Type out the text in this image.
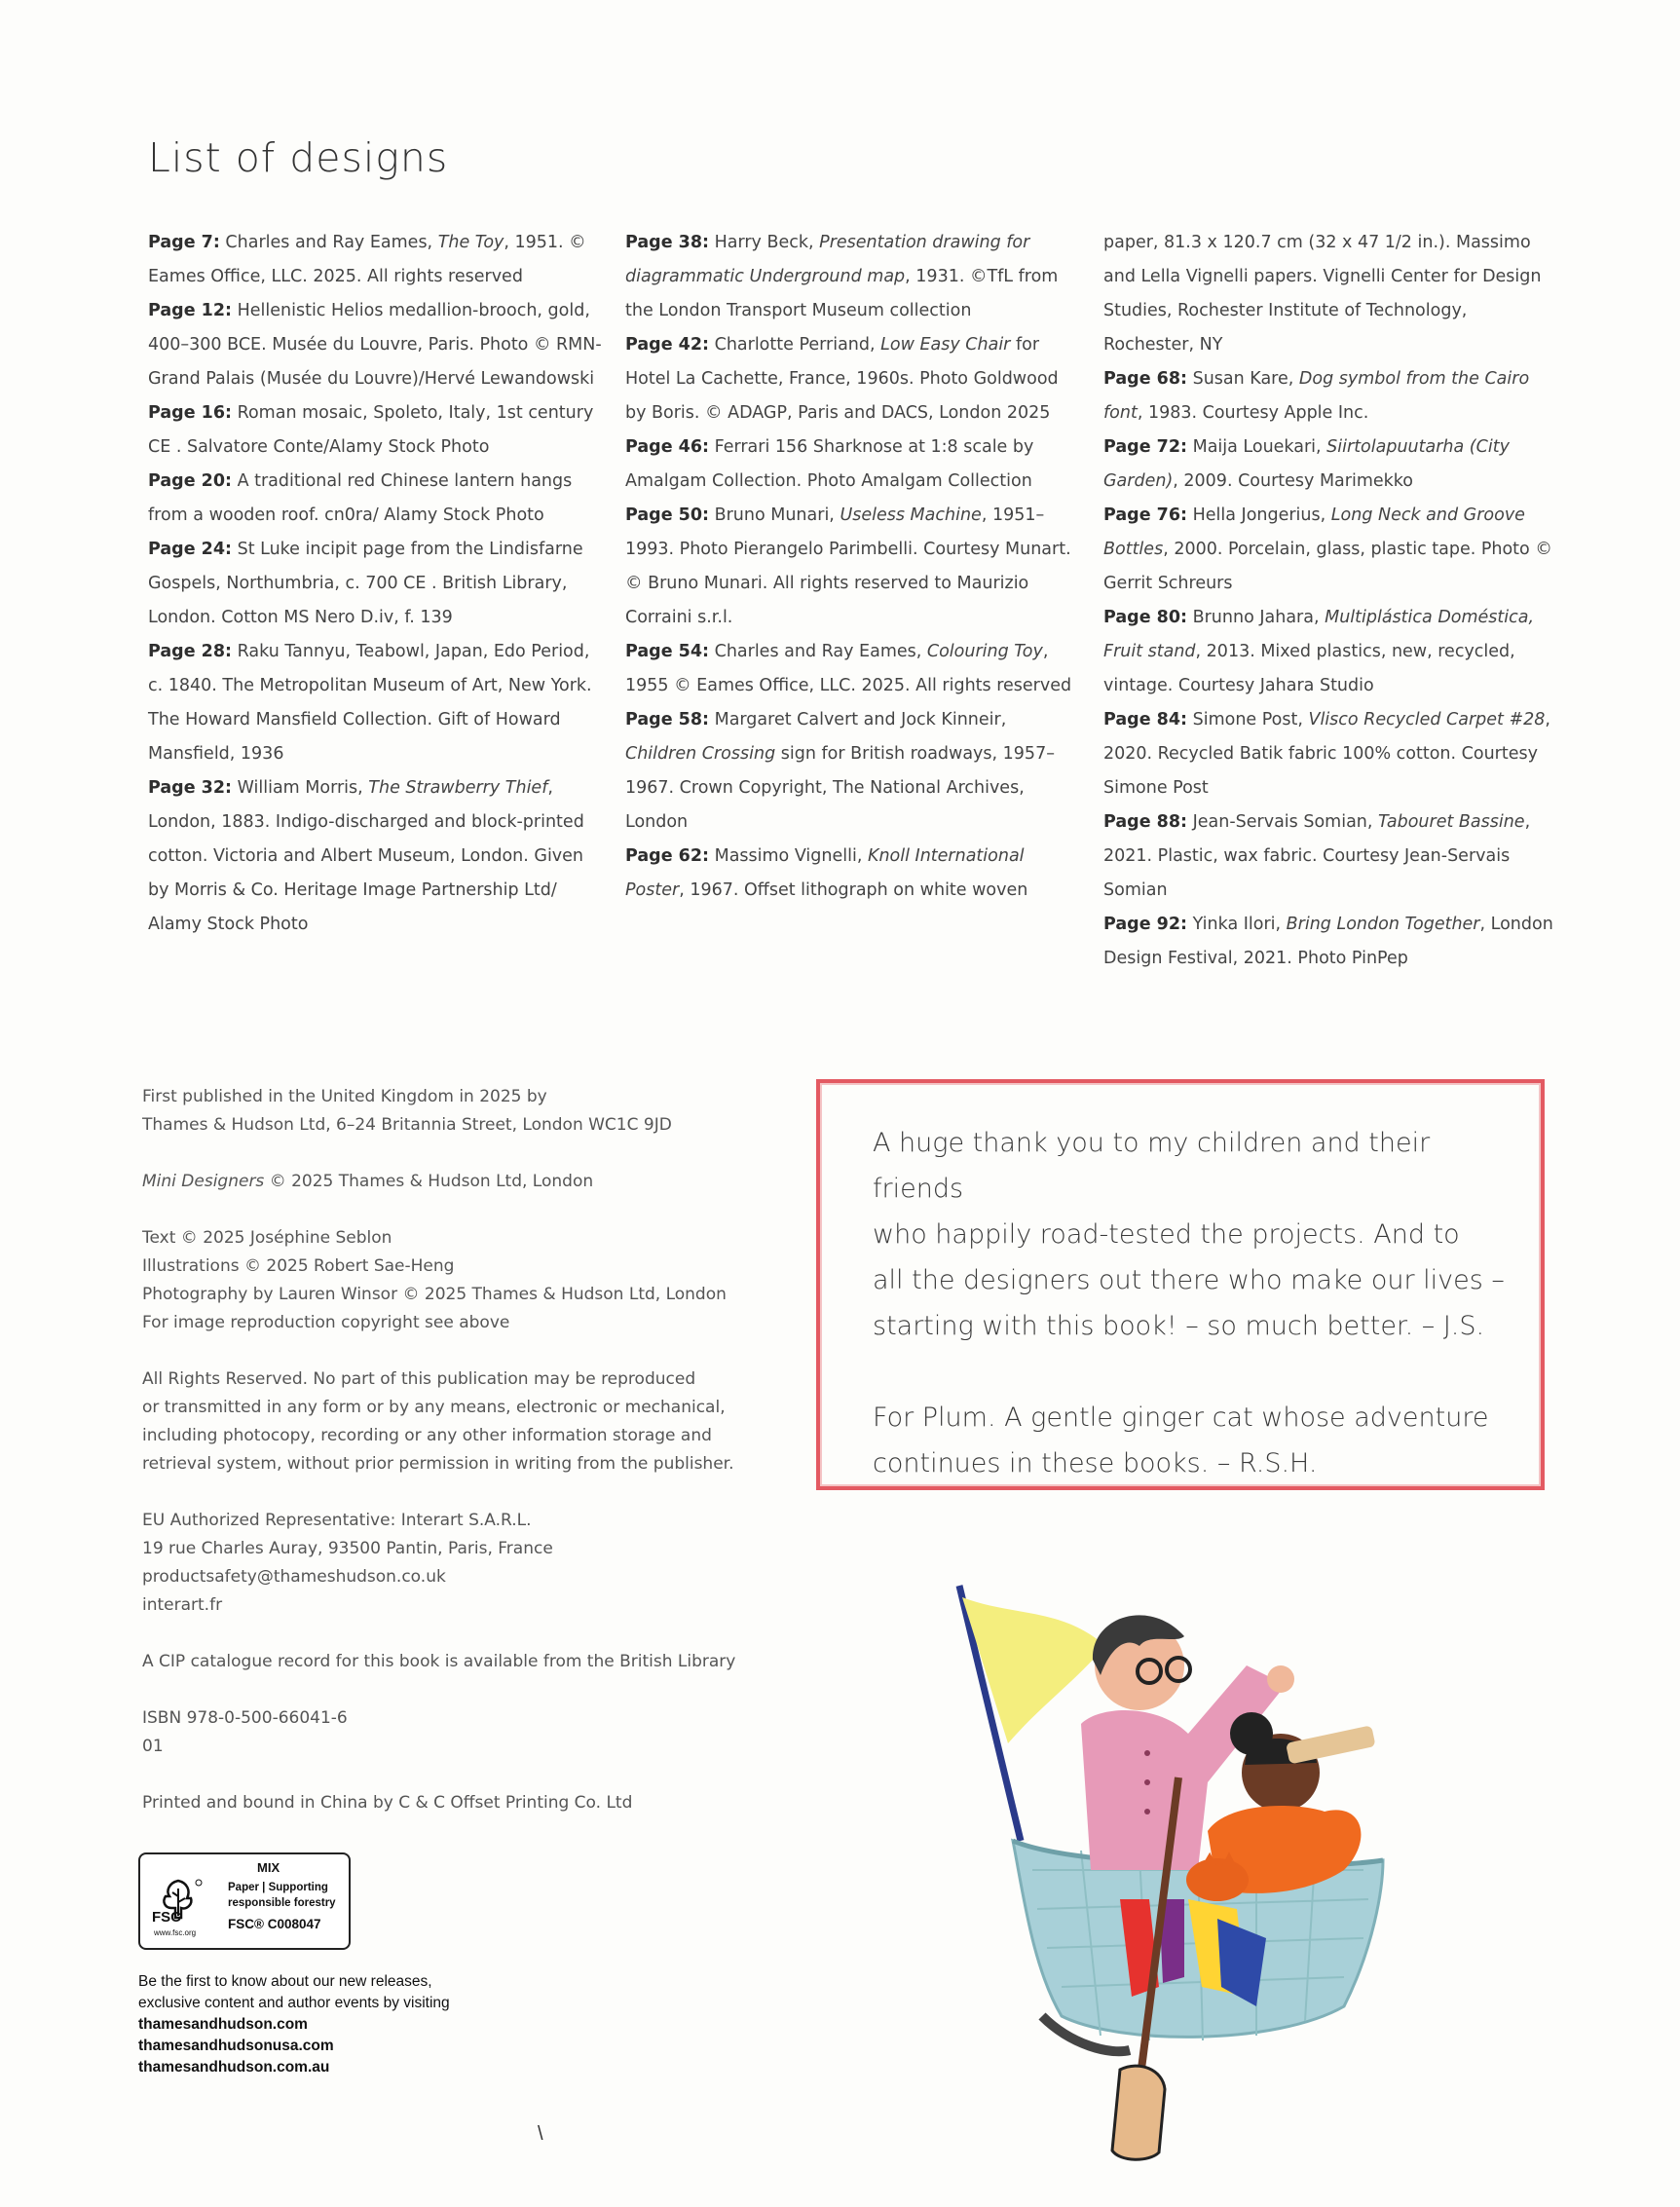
List of designs

Page 7: Charles and Ray Eames, The Toy, 1951. © Eames Office, LLC. 2025. All rights reserved

Page 12: Hellenistic Helios medallion-brooch, gold, 400–300 BCE. Musée du Louvre, Paris. Photo © RMN-Grand Palais (Musée du Louvre)/Hervé Lewandowski

Page 16: Roman mosaic, Spoleto, Italy, 1st century CE . Salvatore Conte/Alamy Stock Photo

Page 20: A traditional red Chinese lantern hangs from a wooden roof. cn0ra/ Alamy Stock Photo

Page 24: St Luke incipit page from the Lindisfarne Gospels, Northumbria, c. 700 CE . British Library, London. Cotton MS Nero D.iv, f. 139

Page 28: Raku Tannyu, Teabowl, Japan, Edo Period, c. 1840. The Metropolitan Museum of Art, New York. The Howard Mansfield Collection. Gift of Howard Mansfield, 1936

Page 32: William Morris, The Strawberry Thief, London, 1883. Indigo-discharged and block-printed cotton. Victoria and Albert Museum, London. Given by Morris & Co. Heritage Image Partnership Ltd/ Alamy Stock Photo

Page 38: Harry Beck, Presentation drawing for diagrammatic Underground map, 1931. ©TfL from the London Transport Museum collection

Page 42: Charlotte Perriand, Low Easy Chair for Hotel La Cachette, France, 1960s. Photo Goldwood by Boris. © ADAGP, Paris and DACS, London 2025

Page 46: Ferrari 156 Sharknose at 1:8 scale by Amalgam Collection. Photo Amalgam Collection

Page 50: Bruno Munari, Useless Machine, 1951–1993. Photo Pierangelo Parimbelli. Courtesy Munart. © Bruno Munari. All rights reserved to Maurizio Corraini s.r.l.

Page 54: Charles and Ray Eames, Colouring Toy, 1955 © Eames Office, LLC. 2025. All rights reserved

Page 58: Margaret Calvert and Jock Kinneir, Children Crossing sign for British roadways, 1957–1967. Crown Copyright, The National Archives, London

Page 62: Massimo Vignelli, Knoll International Poster, 1967. Offset lithograph on white woven

paper, 81.3 x 120.7 cm (32 x 47 1/2 in.). Massimo and Lella Vignelli papers. Vignelli Center for Design Studies, Rochester Institute of Technology, Rochester, NY

Page 68: Susan Kare, Dog symbol from the Cairo font, 1983. Courtesy Apple Inc.

Page 72: Maija Louekari, Siirtolapuutarha (City Garden), 2009. Courtesy Marimekko

Page 76: Hella Jongerius, Long Neck and Groove Bottles, 2000. Porcelain, glass, plastic tape. Photo © Gerrit Schreurs

Page 80: Brunno Jahara, Multiplástica Doméstica, Fruit stand, 2013. Mixed plastics, new, recycled, vintage. Courtesy Jahara Studio

Page 84: Simone Post, Vlisco Recycled Carpet #28, 2020. Recycled Batik fabric 100% cotton. Courtesy Simone Post

Page 88: Jean-Servais Somian, Tabouret Bassine, 2021. Plastic, wax fabric. Courtesy Jean-Servais Somian

Page 92: Yinka Ilori, Bring London Together, London Design Festival, 2021. Photo PinPep

First published in the United Kingdom in 2025 by

Thames & Hudson Ltd, 6–24 Britannia Street, London WC1C 9JD

Mini Designers © 2025 Thames & Hudson Ltd, London

Text © 2025 Joséphine Seblon

Illustrations © 2025 Robert Sae-Heng

Photography by Lauren Winsor © 2025 Thames & Hudson Ltd, London

For image reproduction copyright see above

All Rights Reserved. No part of this publication may be reproduced

or transmitted in any form or by any means, electronic or mechanical,

including photocopy, recording or any other information storage and

retrieval system, without prior permission in writing from the publisher.

EU Authorized Representative: Interart S.A.R.L.

19 rue Charles Auray, 93500 Pantin, Paris, France

productsafety@thameshudson.co.uk

interart.fr

A CIP catalogue record for this book is available from the British Library

ISBN 978-0-500-66041-6

01

Printed and bound in China by C & C Offset Printing Co. Ltd

FSC
www.fsc.org
MIX
Paper | Supporting
responsible forestry
FSC® C008047

Be the first to know about our new releases,

exclusive content and author events by visiting

thamesandhudson.com

thamesandhudsonusa.com

thamesandhudson.com.au

A huge thank you to my children and their friends

who happily road-tested the projects. And to

all the designers out there who make our lives –

starting with this book! – so much better. – J.S.

For Plum. A gentle ginger cat whose adventure

continues in these books. – R.S.H.

\
